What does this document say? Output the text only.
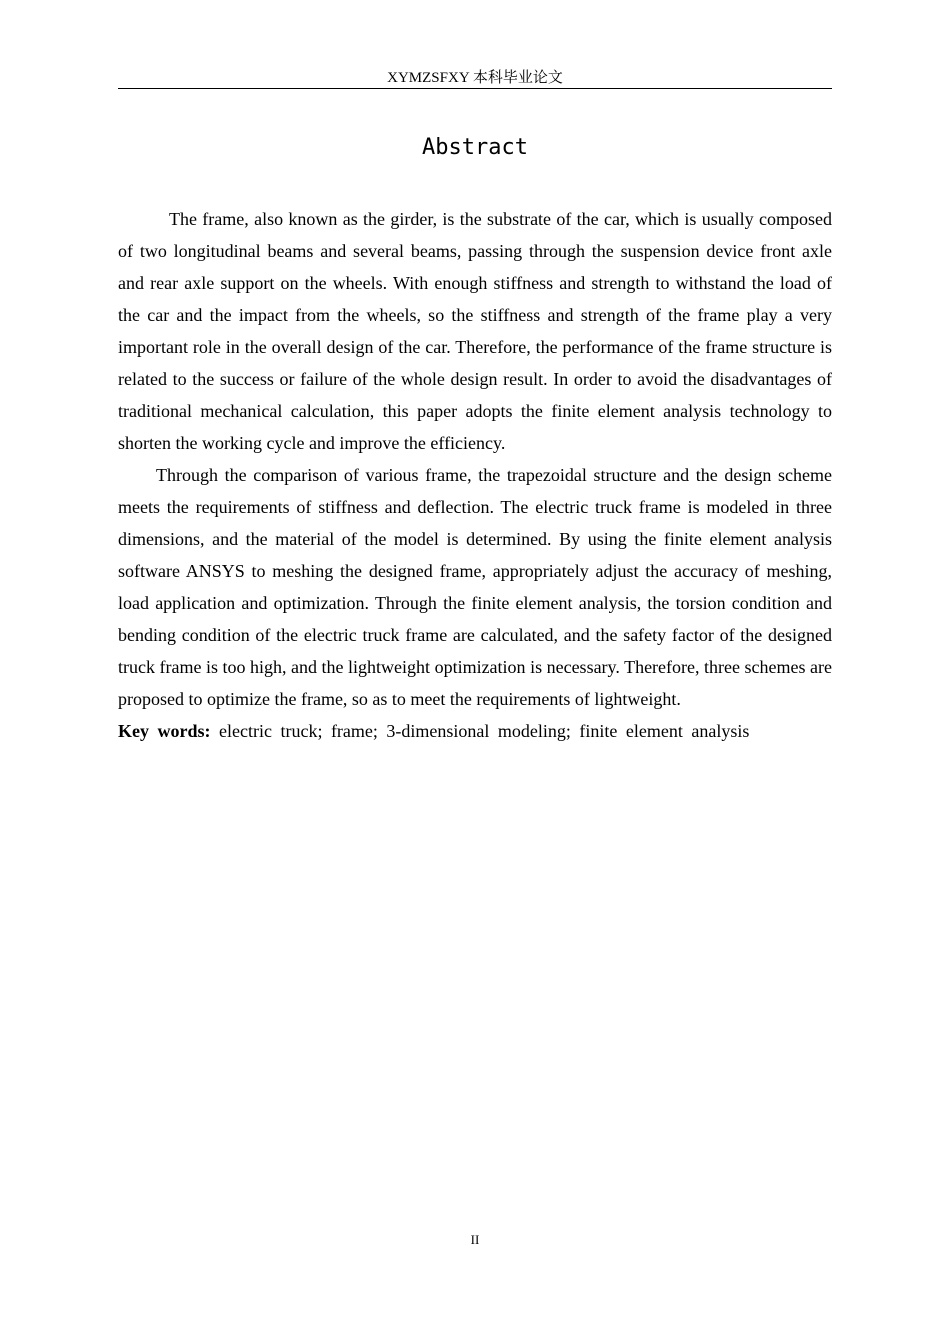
XYMZSFXY 本科毕业论文
Abstract

The frame, also known as the girder, is the substrate of the car, which is usually composed of two longitudinal beams and several beams, passing through the suspension device front axle and rear axle support on the wheels. With enough stiffness and strength to withstand the load of the car and the impact from the wheels, so the stiffness and strength of the frame play a very important role in the overall design of the car. Therefore, the performance of the frame structure is related to the success or failure of the whole design result. In order to avoid the disadvantages of traditional mechanical calculation, this paper adopts the finite element analysis technology to shorten the working cycle and improve the efficiency.

Through the comparison of various frame, the trapezoidal structure and the design scheme meets the requirements of stiffness and deflection. The electric truck frame is modeled in three dimensions, and the material of the model is determined. By using the finite element analysis software ANSYS to meshing the designed frame, appropriately adjust the accuracy of meshing, load application and optimization. Through the finite element analysis, the torsion condition and bending condition of the electric truck frame are calculated, and the safety factor of the designed truck frame is too high, and the lightweight optimization is necessary. Therefore, three schemes are proposed to optimize the frame, so as to meet the requirements of lightweight.

Key words: electric truck; frame; 3-dimensional modeling; finite element analysis

II
